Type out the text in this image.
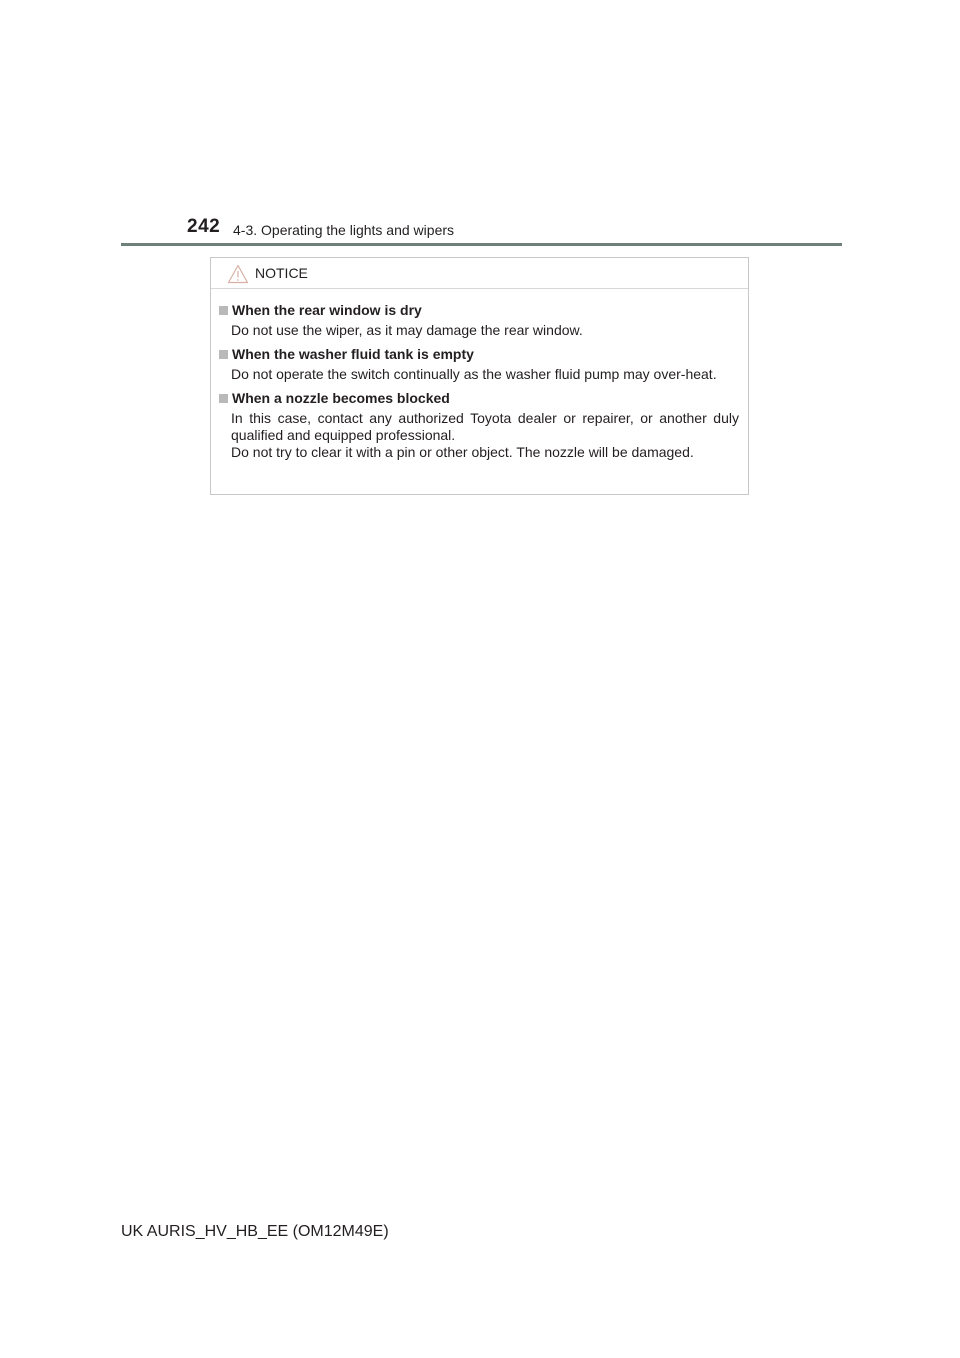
242 4-3. Operating the lights and wipers
NOTICE
When the rear window is dry

Do not use the wiper, as it may damage the rear window.

When the washer fluid tank is empty

Do not operate the switch continually as the washer fluid pump may over-heat.

When a nozzle becomes blocked

In this case, contact any authorized Toyota dealer or repairer, or another duly qualified and equipped professional.

Do not try to clear it with a pin or other object. The nozzle will be damaged.

UK AURIS_HV_HB_EE (OM12M49E)
